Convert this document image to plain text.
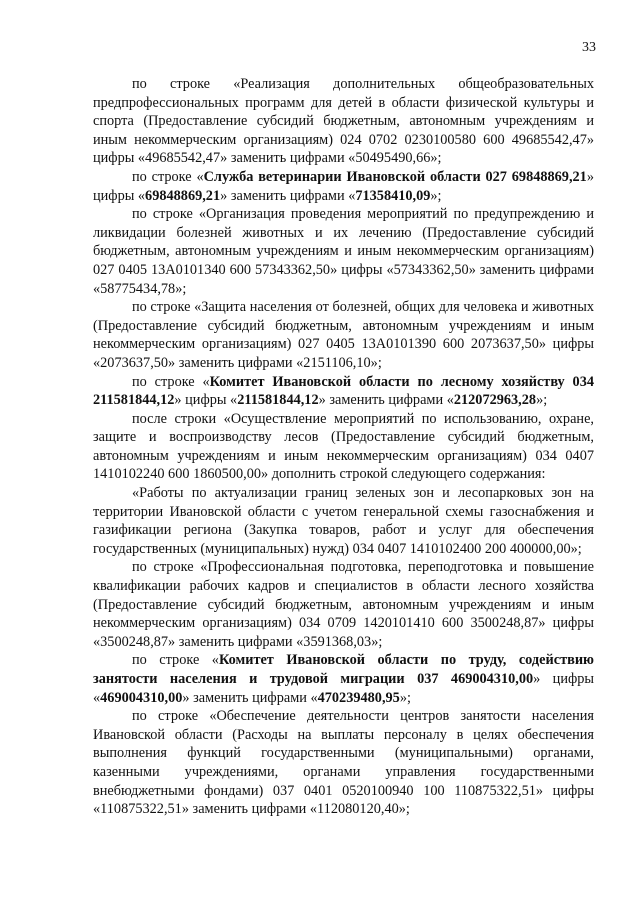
33

по строке «Реализация дополнительных общеобразовательных предпрофессиональных программ для детей в области физической культуры и спорта (Предоставление субсидий бюджетным, автономным учреждениям и иным некоммерческим организациям) 024 0702 0230100580 600 49685542,47» цифры «49685542,47» заменить цифрами «50495490,66»;

по строке «Служба ветеринарии Ивановской области 027 69848869,21» цифры «69848869,21» заменить цифрами «71358410,09»;

по строке «Организация проведения мероприятий по предупреждению и ликвидации болезней животных и их лечению (Предоставление субсидий бюджетным, автономным учреждениям и иным некоммерческим организациям) 027 0405 13А0101340 600 57343362,50» цифры «57343362,50» заменить цифрами «58775434,78»;

по строке «Защита населения от болезней, общих для человека и животных (Предоставление субсидий бюджетным, автономным учреждениям и иным некоммерческим организациям) 027 0405 13А0101390 600 2073637,50» цифры «2073637,50» заменить цифрами «2151106,10»;

по строке «Комитет Ивановской области по лесному хозяйству 034 211581844,12» цифры «211581844,12» заменить цифрами «212072963,28»;

после строки «Осуществление мероприятий по использованию, охране, защите и воспроизводству лесов (Предоставление субсидий бюджетным, автономным учреждениям и иным некоммерческим организациям) 034 0407 1410102240 600 1860500,00» дополнить строкой следующего содержания:

«Работы по актуализации границ зеленых зон и лесопарковых зон на территории Ивановской области с учетом генеральной схемы газоснабжения и газификации региона (Закупка товаров, работ и услуг для обеспечения государственных (муниципальных) нужд) 034 0407 1410102400 200 400000,00»;

по строке «Профессиональная подготовка, переподготовка и повышение квалификации рабочих кадров и специалистов в области лесного хозяйства (Предоставление субсидий бюджетным, автономным учреждениям и иным некоммерческим организациям) 034 0709 1420101410 600 3500248,87» цифры «3500248,87» заменить цифрами «3591368,03»;

по строке «Комитет Ивановской области по труду, содействию занятости населения и трудовой миграции 037 469004310,00» цифры «469004310,00» заменить цифрами «470239480,95»;

по строке «Обеспечение деятельности центров занятости населения Ивановской области (Расходы на выплаты персоналу в целях обеспечения выполнения функций государственными (муниципальными) органами, казенными учреждениями, органами управления государственными внебюджетными фондами) 037 0401 0520100940 100 110875322,51» цифры «110875322,51» заменить цифрами «112080120,40»;
